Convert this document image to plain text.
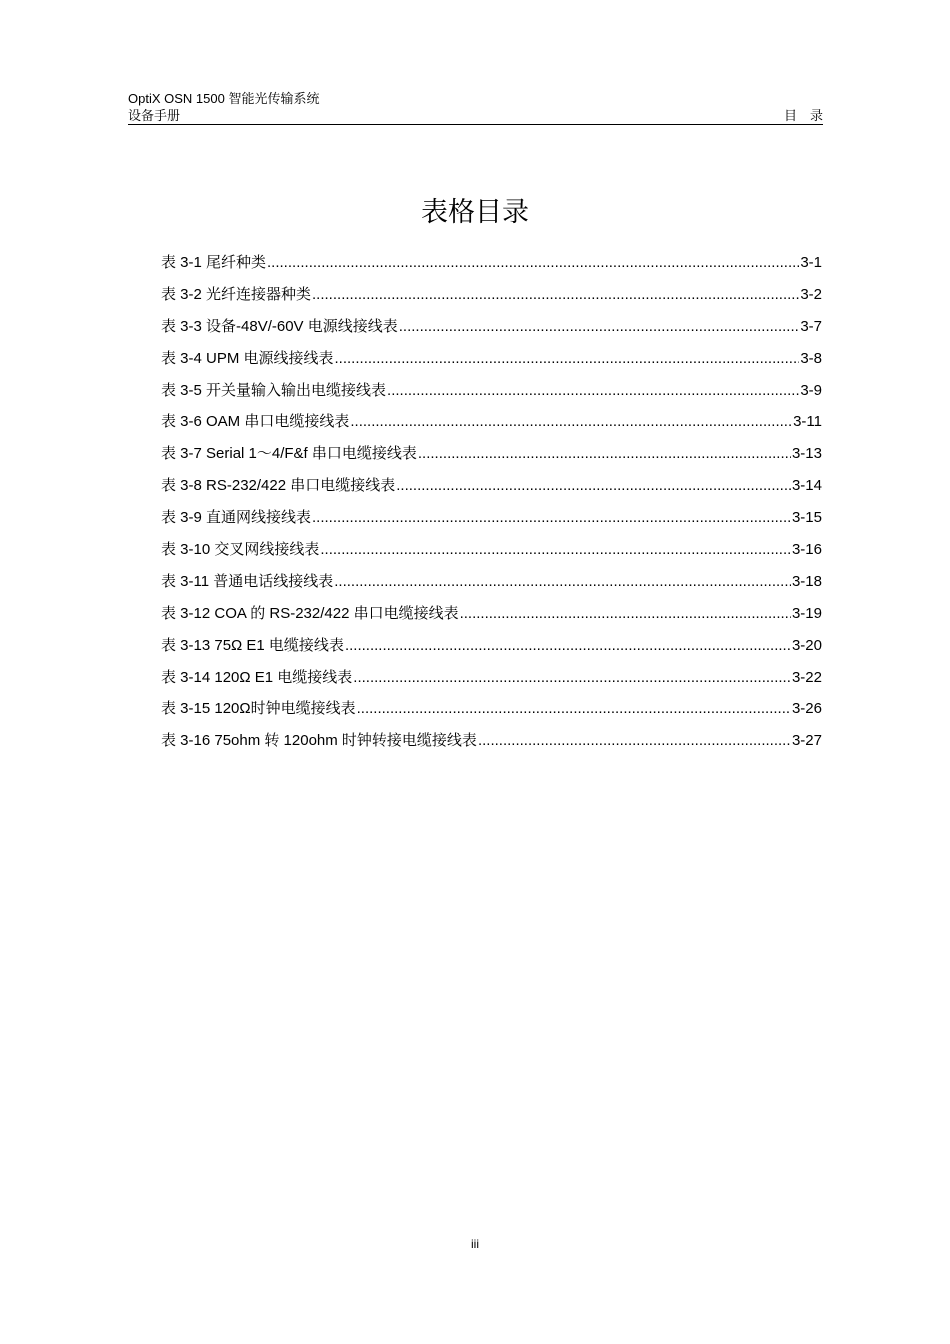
OptiX OSN 1500 智能光传输系统
设备手册	目　录
表格目录
表 3-1 尾纤种类 .....	3-1
表 3-2 光纤连接器种类 .....	3-2
表 3-3 设备-48V/-60V 电源线接线表 .....	3-7
表 3-4 UPM 电源线接线表 .....	3-8
表 3-5 开关量输入输出电缆接线表 .....	3-9
表 3-6 OAM 串口电缆接线表 .....	3-11
表 3-7 Serial 1～4/F&f 串口电缆接线表 .....	3-13
表 3-8 RS-232/422 串口电缆接线表 .....	3-14
表 3-9 直通网线接线表 .....	3-15
表 3-10 交叉网线接线表 .....	3-16
表 3-11 普通电话线接线表 .....	3-18
表 3-12 COA 的 RS-232/422 串口电缆接线表 .....	3-19
表 3-13 75Ω E1 电缆接线表 .....	3-20
表 3-14 120Ω E1 电缆接线表 .....	3-22
表 3-15 120Ω时钟电缆接线表 .....	3-26
表 3-16 75ohm 转 120ohm 时钟转接电缆接线表 .....	3-27
iii
